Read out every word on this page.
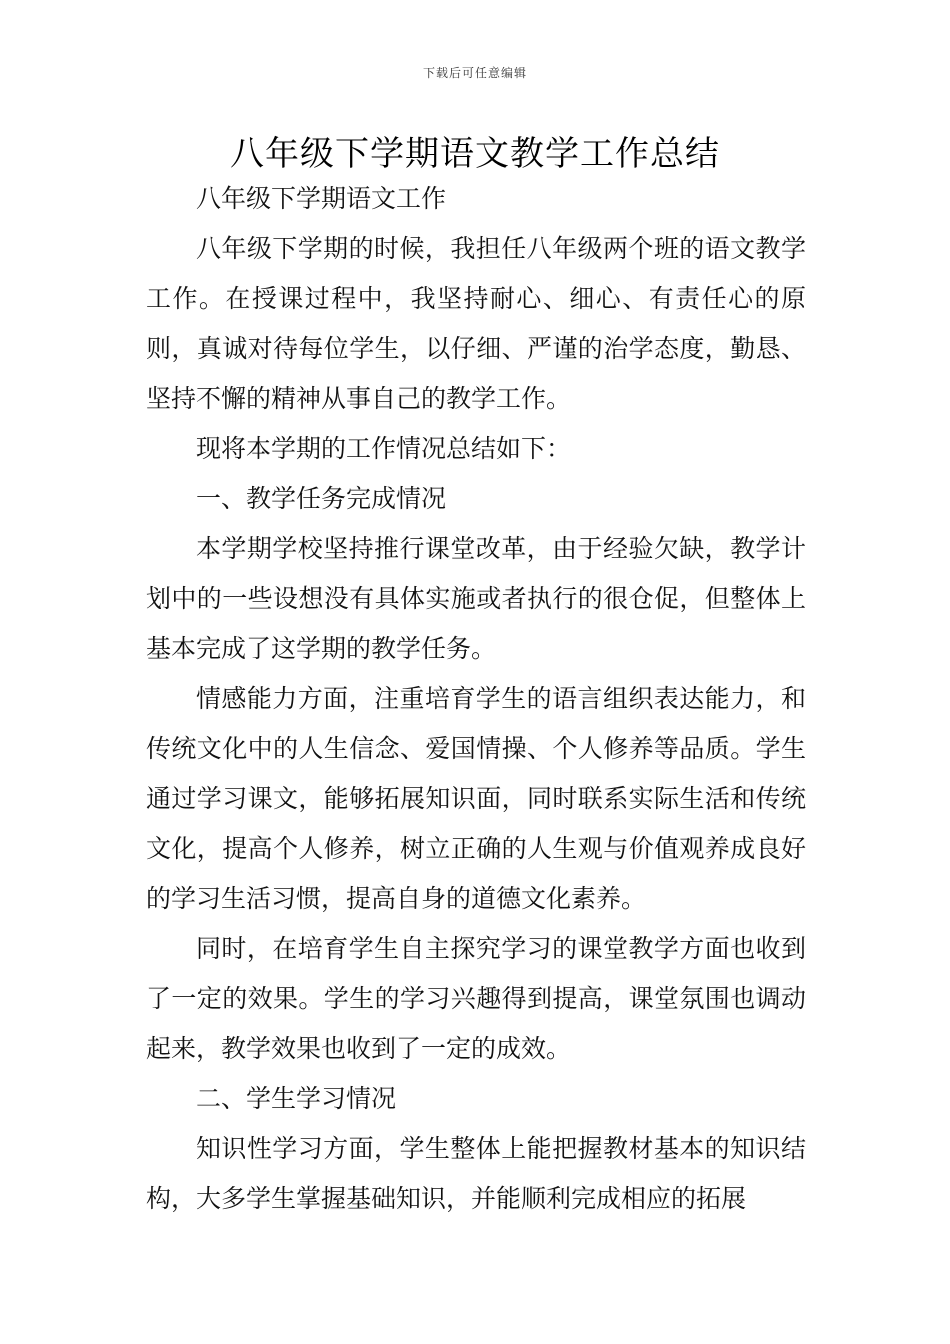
下载后可任意编辑
八年级下学期语文教学工作总结

八年级下学期语文工作

八年级下学期的时候，我担任八年级两个班的语文教学工作。在授课过程中，我坚持耐心、细心、有责任心的原则，真诚对待每位学生，以仔细、严谨的治学态度，勤恳、坚持不懈的精神从事自己的教学工作。

现将本学期的工作情况总结如下：

一、教学任务完成情况

本学期学校坚持推行课堂改革，由于经验欠缺，教学计划中的一些设想没有具体实施或者执行的很仓促，但整体上基本完成了这学期的教学任务。

情感能力方面，注重培育学生的语言组织表达能力，和传统文化中的人生信念、爱国情操、个人修养等品质。学生通过学习课文，能够拓展知识面，同时联系实际生活和传统文化，提高个人修养，树立正确的人生观与价值观养成良好的学习生活习惯，提高自身的道德文化素养。

同时，在培育学生自主探究学习的课堂教学方面也收到了一定的效果。学生的学习兴趣得到提高，课堂氛围也调动起来，教学效果也收到了一定的成效。

二、学生学习情况

知识性学习方面，学生整体上能把握教材基本的知识结构，大多学生掌握基础知识，并能顺利完成相应的拓展
